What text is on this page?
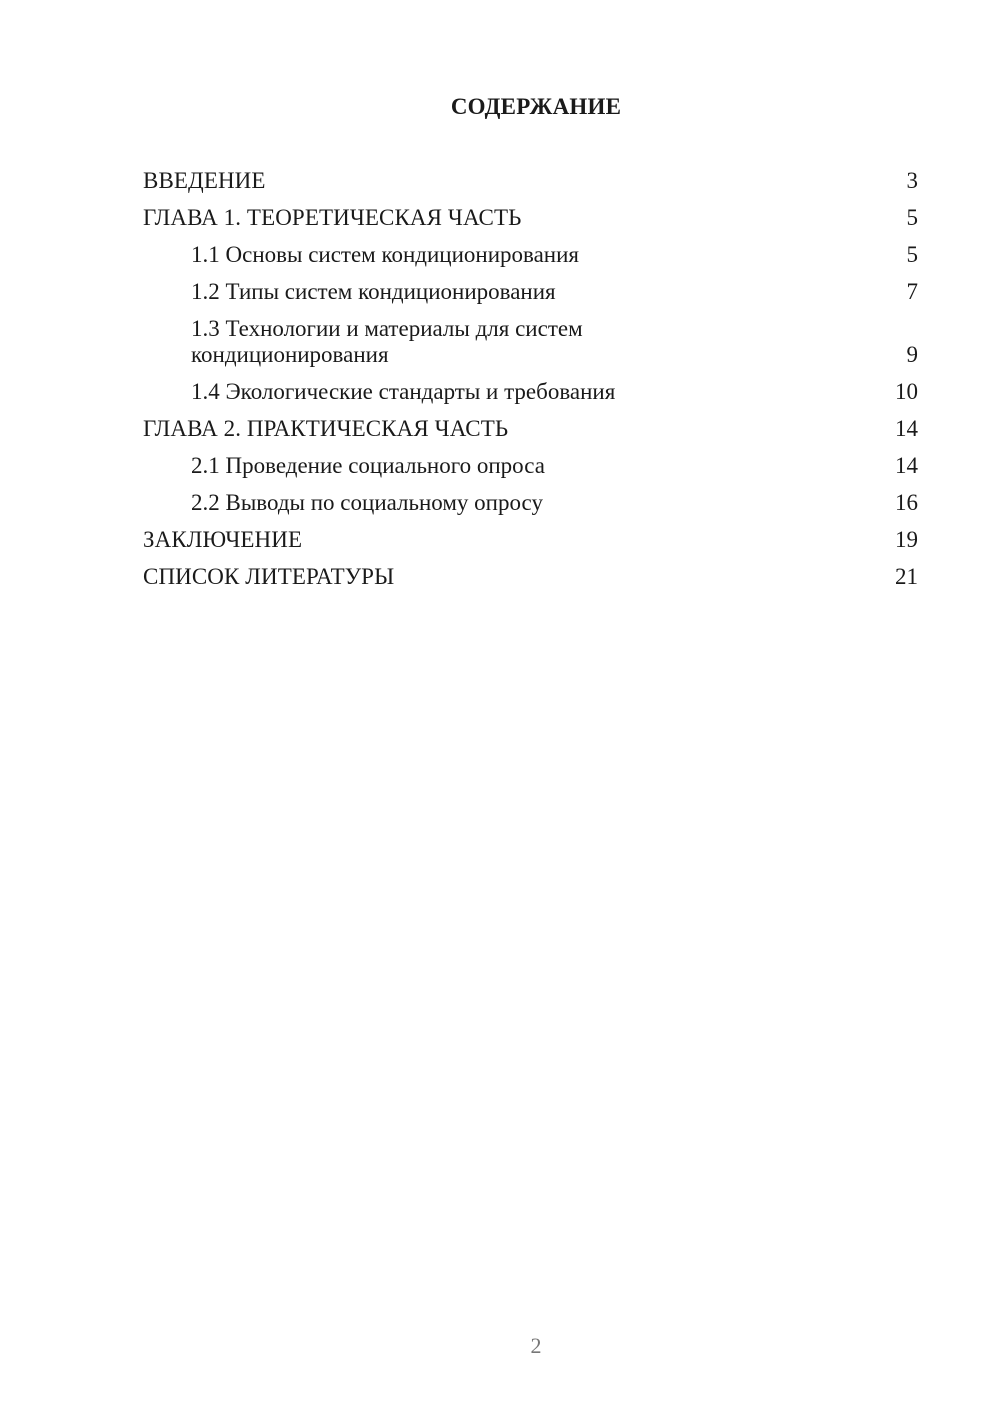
СОДЕРЖАНИЕ
ВВЕДЕНИЕ	3
ГЛАВА 1. ТЕОРЕТИЧЕСКАЯ ЧАСТЬ	5
1.1 Основы систем кондиционирования	5
1.2 Типы систем кондиционирования	7
1.3 Технологии и материалы для систем
кондиционирования	9
1.4 Экологические стандарты и требования	10
ГЛАВА 2. ПРАКТИЧЕСКАЯ ЧАСТЬ	14
2.1 Проведение социального опроса	14
2.2 Выводы по социальному опросу	16
ЗАКЛЮЧЕНИЕ	19
СПИСОК ЛИТЕРАТУРЫ	21
2
